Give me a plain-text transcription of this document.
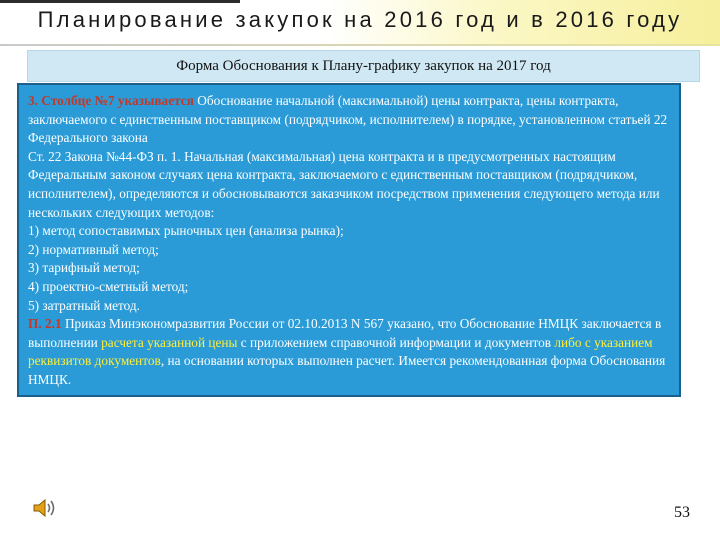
Планирование закупок на 2016 год и в 2016 году
Форма Обоснования к Плану-графику закупок на 2017 год

3. Столбце №7 указывается Обоснование начальной (максимальной) цены контракта, цены контракта, заключаемого с единственным поставщиком (подрядчиком, исполнителем) в порядке, установленном статьей 22 Федерального закона

Ст. 22 Закона №44-ФЗ п. 1. Начальная (максимальная) цена контракта и в предусмотренных настоящим Федеральным законом случаях цена контракта, заключаемого с единственным поставщиком (подрядчиком, исполнителем), определяются и обосновываются заказчиком посредством применения следующего метода или нескольких следующих методов:

1) метод сопоставимых рыночных цен (анализа рынка);

2) нормативный метод;

3) тарифный метод;

4) проектно-сметный метод;

5) затратный метод.

П. 2.1 Приказ Минэкономразвития России от 02.10.2013 N 567 указано, что Обоснование НМЦК заключается в выполнении расчета указанной цены с приложением справочной информации и документов либо с указанием реквизитов документов, на основании которых выполнен расчет. Имеется рекомендованная форма Обоснования НМЦК.

53
